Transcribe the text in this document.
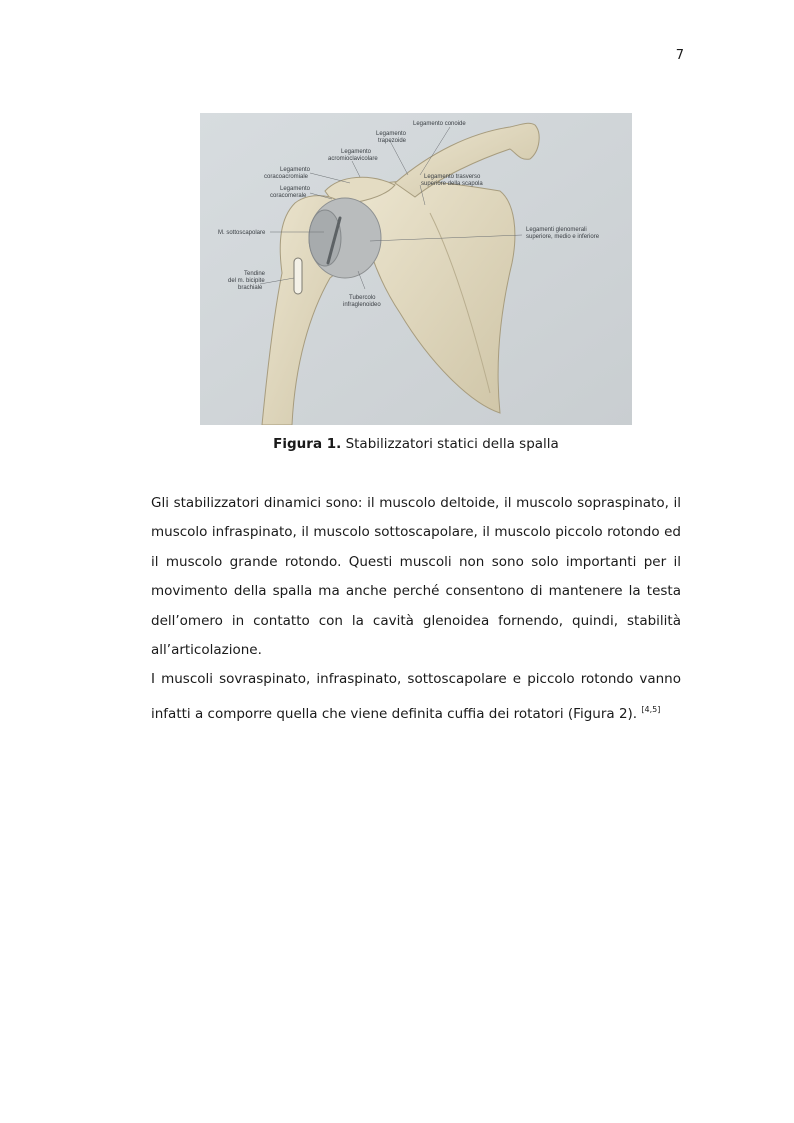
7
Legamento conoide
Legamento
trapezoide
Legamento
acromioclavicolare
Legamento
coracoacromiale
Legamento
coracomerale
Legamento trasverso
superiore della scapola
M. sottoscapolare	Legamenti glenomerali
superiore, medio e inferiore
Tendine
del m. bicipite
brachiale
Tubercolo
infraglenoideo
Figura 1. Stabilizzatori statici della spalla

Gli stabilizzatori dinamici sono: il muscolo deltoide, il muscolo sopraspinato, il muscolo infraspinato, il muscolo sottoscapolare, il muscolo piccolo rotondo ed il muscolo grande rotondo. Questi muscoli non sono solo importanti per il movimento della spalla ma anche perché consentono di mantenere la testa dell’omero in contatto con la cavità glenoidea fornendo, quindi, stabilità all’articolazione.

I muscoli sovraspinato, infraspinato, sottoscapolare e piccolo rotondo vanno infatti a comporre quella che viene definita cuffia dei rotatori (Figura 2). [4,5]
